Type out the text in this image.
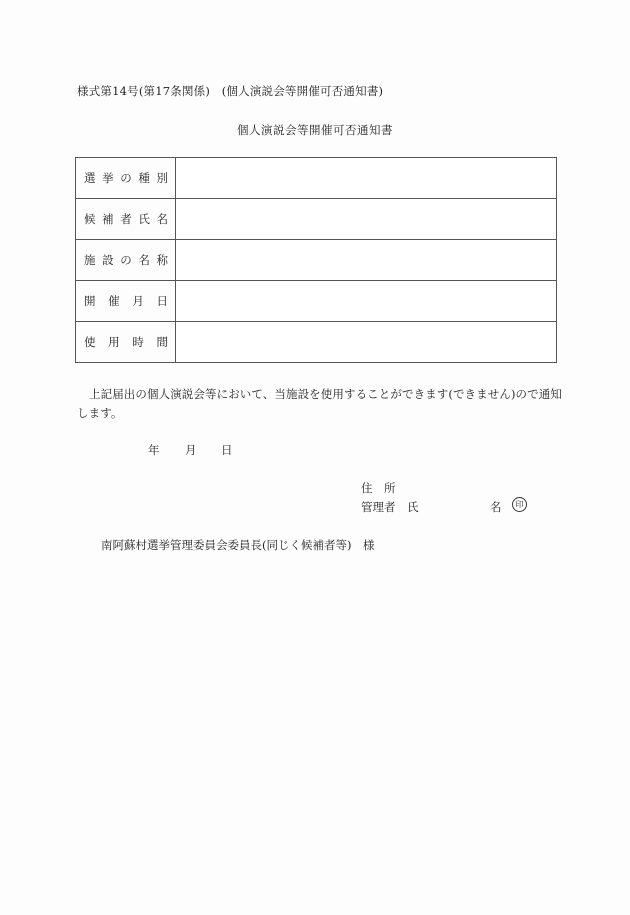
様式第14号(第17条関係)　(個人演説会等開催可否通知書)
個人演説会等開催可否通知書
選 挙 の 種 別	

候 補 者 氏 名	

施 設 の 名 称	

開 催 月 日	

使 用 時 間	

上記届出の個人演説会等において、当施設を使用することができます(できません)ので通知します。
年 月 日
住　所
管理者　氏	名	印
南阿蘇村選挙管理委員会委員長(同じく候補者等)　様
